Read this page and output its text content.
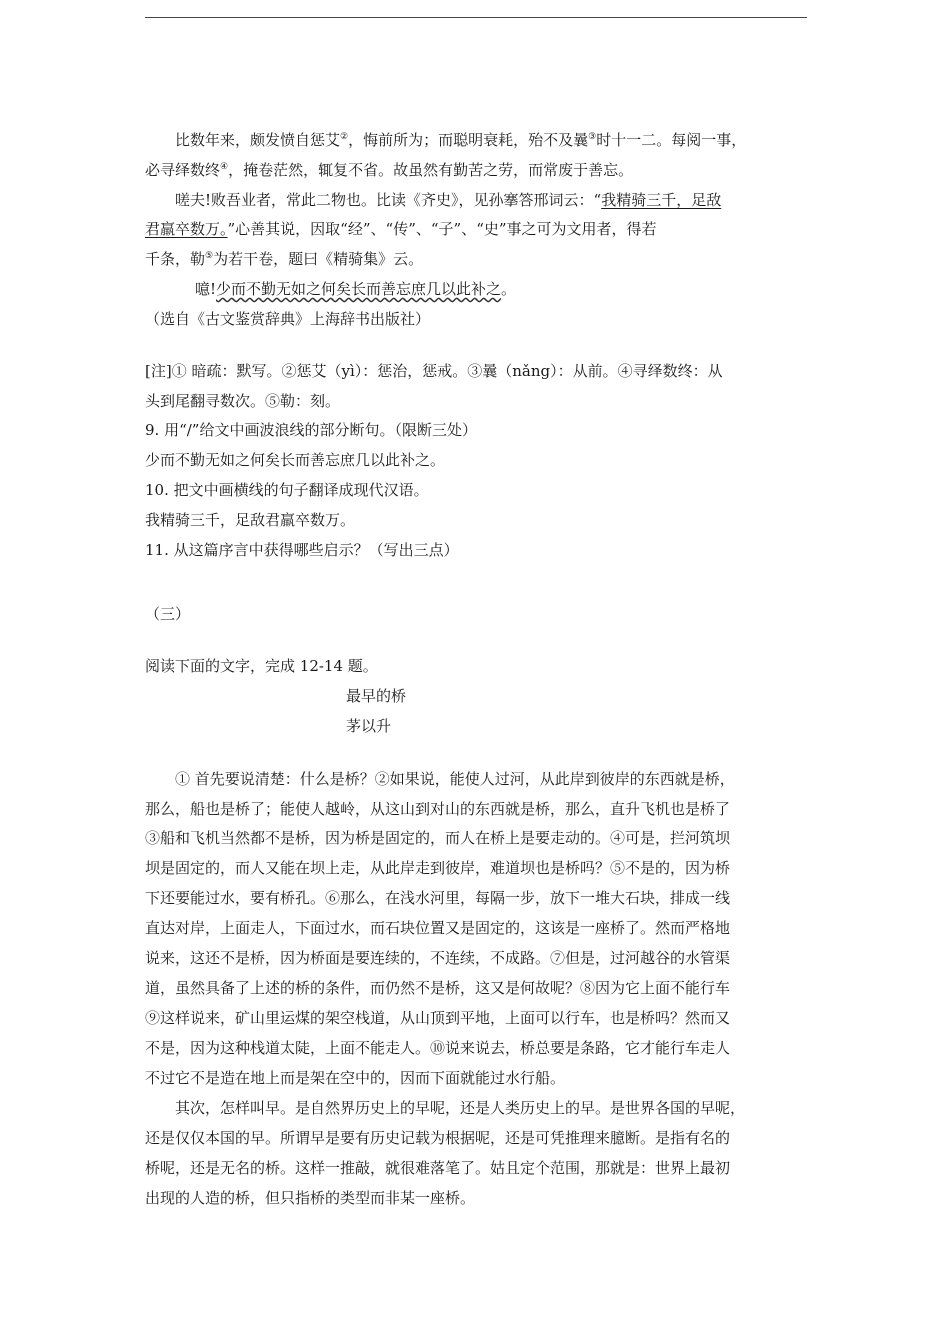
比数年来，颇发愤自惩艾②，悔前所为；而聪明衰耗，殆不及曩③时十一二。每阅一事，
必寻绎数终④，掩卷茫然，辄复不省。故虽然有勤苦之劳，而常废于善忘。
嗟夫!败吾业者，常此二物也。比读《齐史》，见孙搴答邢词云：“我精骑三千，足敌
君羸卒数万。”心善其说，因取“经”、“传”、“子”、“史”事之可为文用者，得若
千条，勒⑤为若干卷，题曰《精骑集》云。
噫!少而不勤无如之何矣长而善忘庶几以此补之。
（选自《古文鉴赏辞典》上海辞书出版社）
[注]① 暗疏：默写。②惩艾（yì）：惩治，惩戒。③曩（nǎng）：从前。④寻绎数终：从
头到尾翻寻数次。⑤勒：刻。
9. 用“/”给文中画波浪线的部分断句。（限断三处）
少而不勤无如之何矣长而善忘庶几以此补之。
10. 把文中画横线的句子翻译成现代汉语。
我精骑三千，足敌君羸卒数万。
11. 从这篇序言中获得哪些启示？（写出三点）
（三）
阅读下面的文字，完成 12-14 题。
最早的桥
茅以升
① 首先要说清楚：什么是桥？②如果说，能使人过河，从此岸到彼岸的东西就是桥，
那么，船也是桥了；能使人越岭，从这山到对山的东西就是桥，那么，直升飞机也是桥了
③船和飞机当然都不是桥，因为桥是固定的，而人在桥上是要走动的。④可是，拦河筑坝
坝是固定的，而人又能在坝上走，从此岸走到彼岸，难道坝也是桥吗？⑤不是的，因为桥
下还要能过水，要有桥孔。⑥那么，在浅水河里，每隔一步，放下一堆大石块，排成一线
直达对岸，上面走人，下面过水，而石块位置又是固定的，这该是一座桥了。然而严格地
说来，这还不是桥，因为桥面是要连续的，不连续，不成路。⑦但是，过河越谷的水管渠
道，虽然具备了上述的桥的条件，而仍然不是桥，这又是何故呢？⑧因为它上面不能行车
⑨这样说来，矿山里运煤的架空栈道，从山顶到平地，上面可以行车，也是桥吗？然而又
不是，因为这种栈道太陡，上面不能走人。⑩说来说去，桥总要是条路，它才能行车走人
不过它不是造在地上而是架在空中的，因而下面就能过水行船。
其次，怎样叫早。是自然界历史上的早呢，还是人类历史上的早。是世界各国的早呢，
还是仅仅本国的早。所谓早是要有历史记载为根据呢，还是可凭推理来臆断。是指有名的
桥呢，还是无名的桥。这样一推敲，就很难落笔了。姑且定个范围，那就是：世界上最初
出现的人造的桥，但只指桥的类型而非某一座桥。
